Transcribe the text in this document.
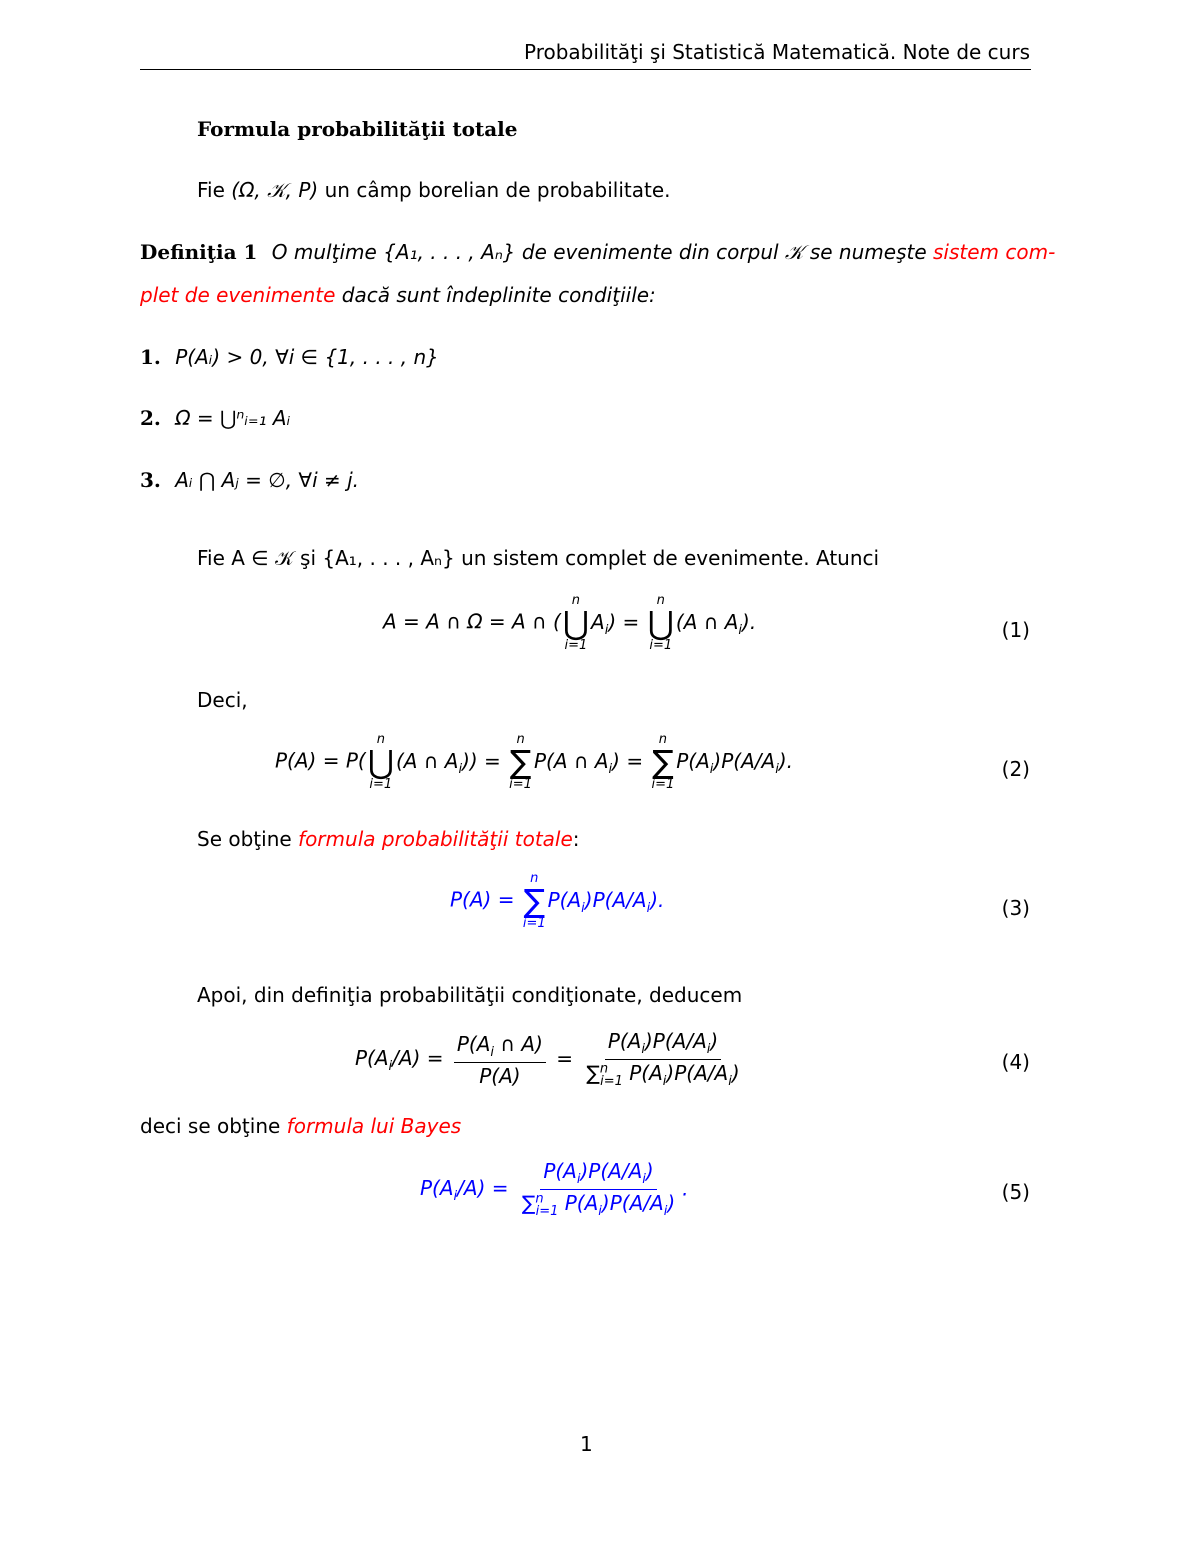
Probabilităţi şi Statistică Matematică. Note de curs
Formula probabilităţii totale
Fie (Ω, 𝒦, P) un câmp borelian de probabilitate.
Definiţia 1 O mulţime {A₁, . . . , Aₙ} de evenimente din corpul 𝒦 se numeşte sistem com-
plet de evenimente dacă sunt îndeplinite condiţiile:
1. P(Aᵢ) > 0, ∀i ∈ {1, . . . , n}
2. Ω = ⋃ⁿᵢ₌₁ Aᵢ
3. Aᵢ ⋂ Aⱼ = ∅, ∀i ≠ j.
Fie A ∈ 𝒦 şi {A₁, . . . , Aₙ} un sistem complet de evenimente. Atunci
A = A ∩ Ω = A ∩ (
n
⋃
i=1
$A_i$) =
n
⋃
i=1
(A ∩ $A_i$).	(1)
Deci,
P(A) = P(
n
⋃
i=1
(A ∩ $A_i$)) =
n
∑
i=1
P(A ∩ $A_i$) =
n
∑
i=1
$P(A_i)P(A/A_i)$.	(2)
Se obţine formula probabilităţii totale:
P(A) =
n
∑
i=1
$P(A_i)P(A/A_i)$.	(3)
Apoi, din definiţia probabilităţii condiţionate, deducem
$P(A_i/A) = \frac{P(A_i \cap A)}{P(A)} = \frac{P(A_i)P(A/A_i)}{\sum^n_{i=1} P(A_i)P(A/A_i)}$	(4)
deci se obţine formula lui Bayes
$P(A_i/A) = \frac{P(A_i)P(A/A_i)}{\sum^n_{i=1} P(A_i)P(A/A_i)}$ .	(5)
1
